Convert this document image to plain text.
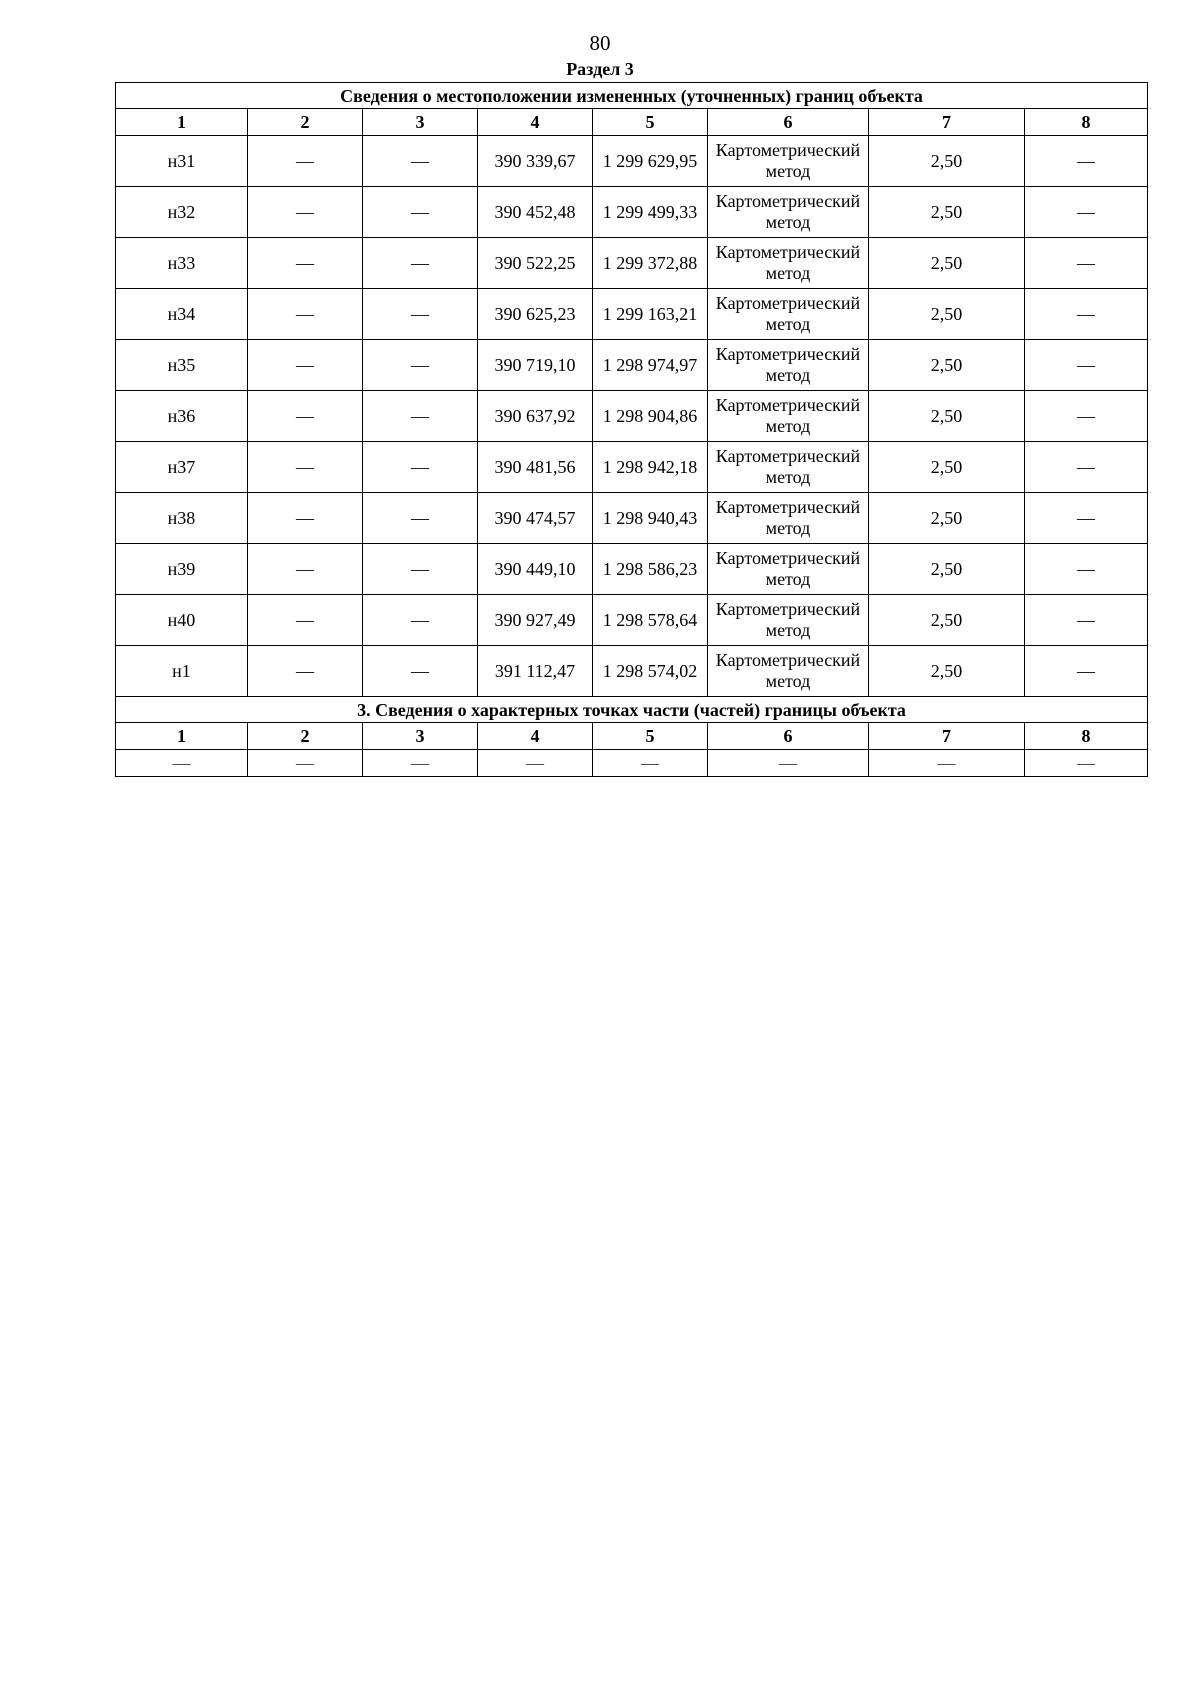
80
Раздел 3
Сведения о местоположении измененных (уточненных) границ объекта							
1	2	3	4	5	6	7	8
н31	—	—	390 339,67	1 299 629,95	Картометрический метод	2,50	—
н32	—	—	390 452,48	1 299 499,33	Картометрический метод	2,50	—
н33	—	—	390 522,25	1 299 372,88	Картометрический метод	2,50	—
н34	—	—	390 625,23	1 299 163,21	Картометрический метод	2,50	—
н35	—	—	390 719,10	1 298 974,97	Картометрический метод	2,50	—
н36	—	—	390 637,92	1 298 904,86	Картометрический метод	2,50	—
н37	—	—	390 481,56	1 298 942,18	Картометрический метод	2,50	—
н38	—	—	390 474,57	1 298 940,43	Картометрический метод	2,50	—
н39	—	—	390 449,10	1 298 586,23	Картометрический метод	2,50	—
н40	—	—	390 927,49	1 298 578,64	Картометрический метод	2,50	—
н1	—	—	391 112,47	1 298 574,02	Картометрический метод	2,50	—
3. Сведения о характерных точках части (частей) границы объекта							
1	2	3	4	5	6	7	8
—	—	—	—	—	—	—	—
